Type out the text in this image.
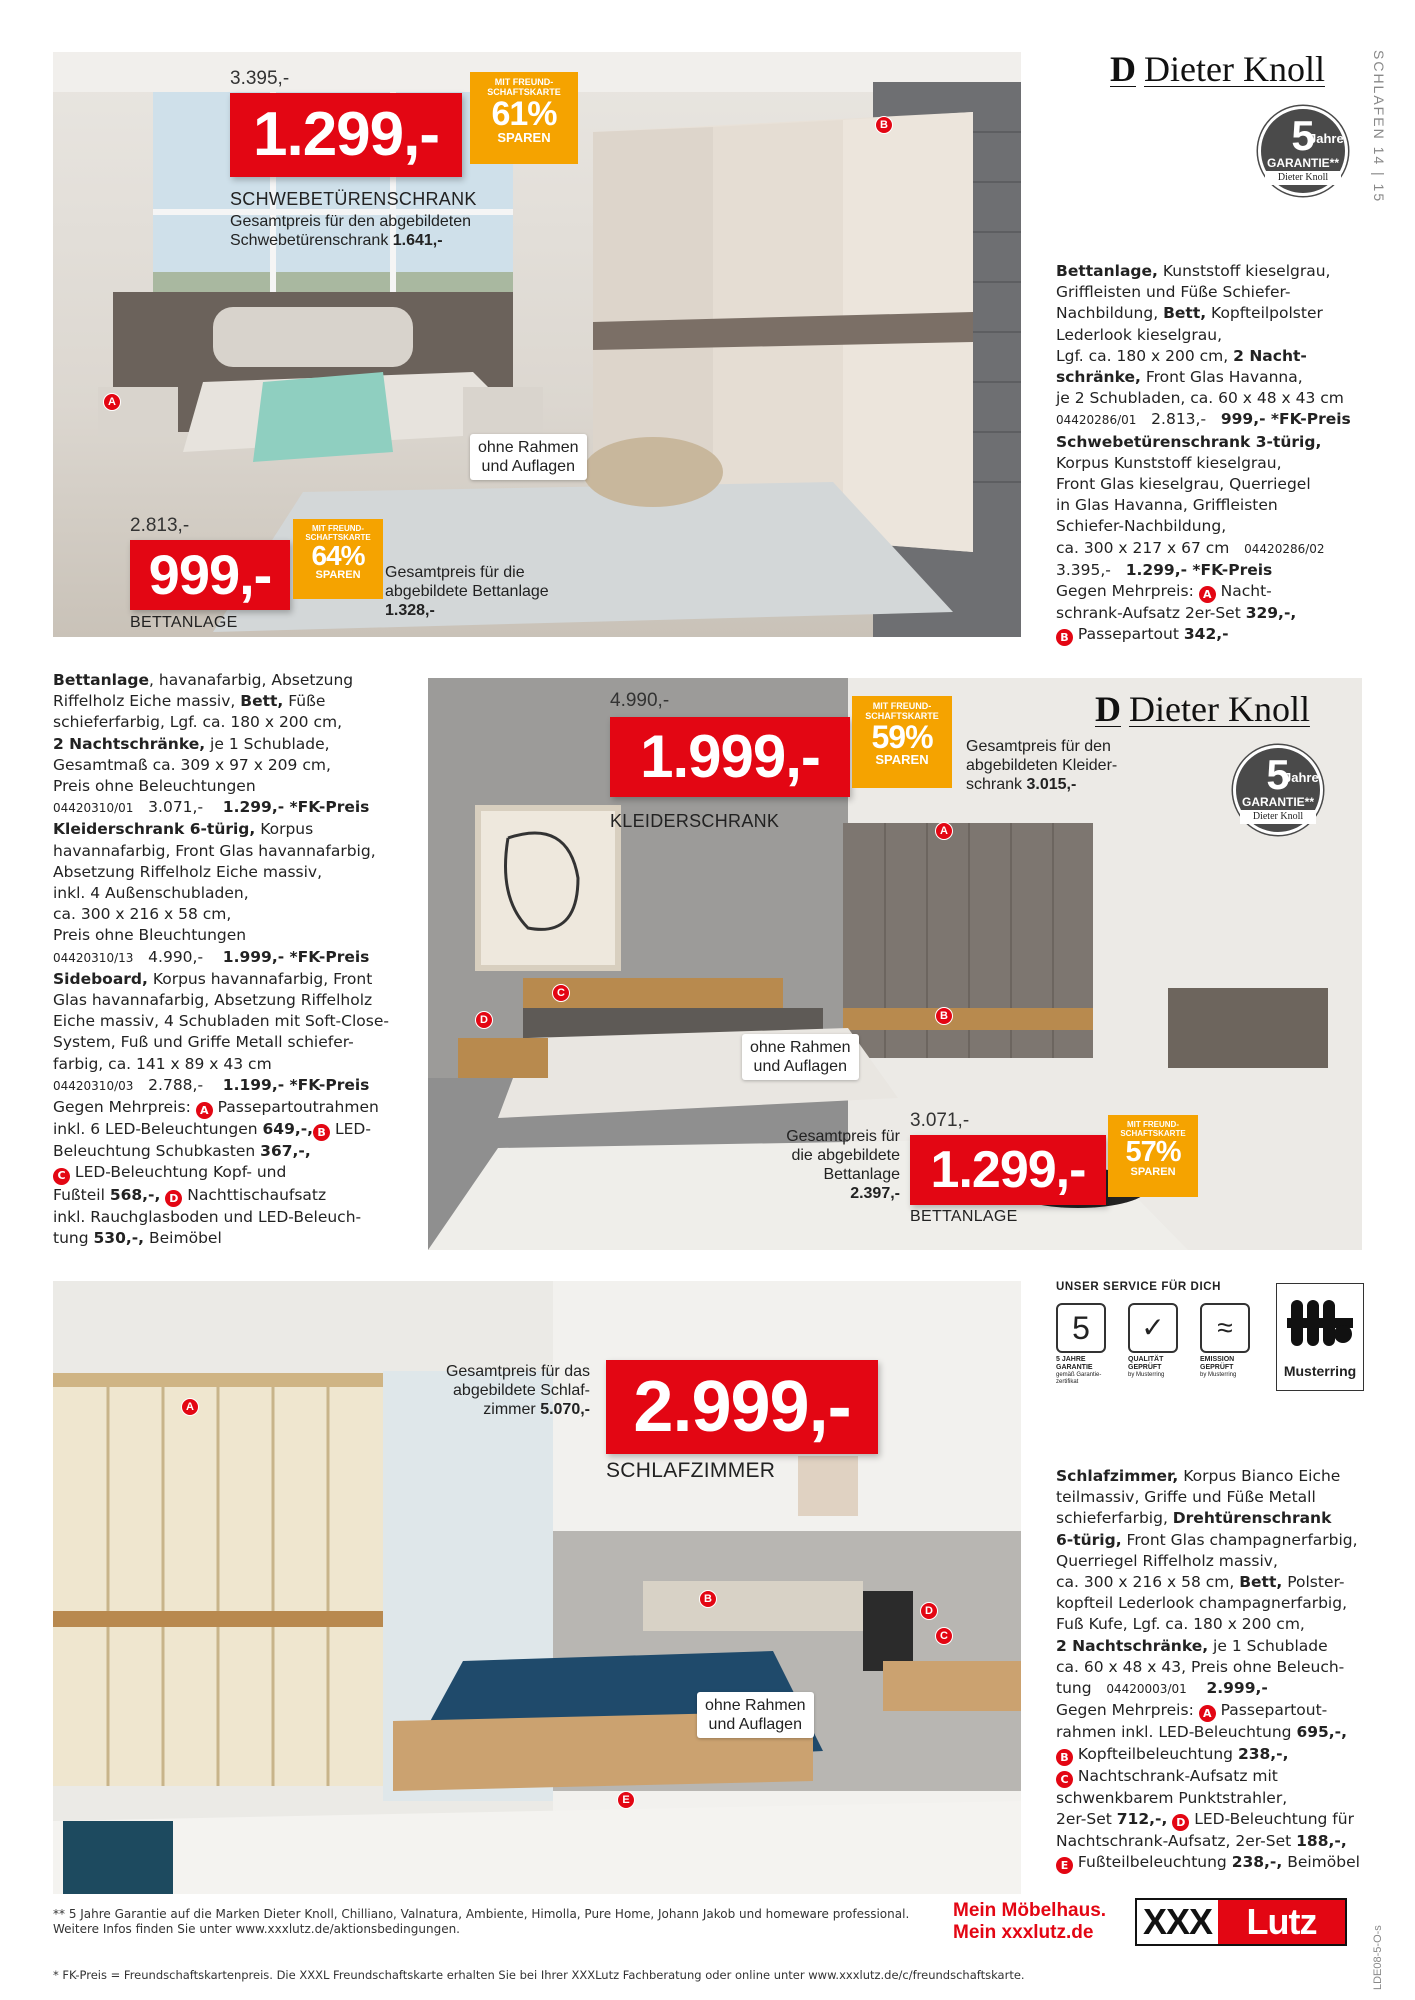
SCHLAFEN 14 | 15
3.395,-
1.299,-
MIT FREUND-
SCHAFTSKARTE
61%
SPAREN
SCHWEBETÜRENSCHRANK
Gesamtpreis für den abgebildeten
Schwebetürenschrank 1.641,-
ohne Rahmen
und Auflagen
A
B
2.813,-
999,-
MIT FREUND-
SCHAFTSKARTE
64%
SPAREN
BETTANLAGE
Gesamtpreis für die
abgebildete Bettanlage
1.328,-
D Dieter Knoll
5
Jahre
GARANTIE**
Dieter Knoll
Bettanlage, Kunststoff kieselgrau,
Griffleisten und Füße Schiefer-
Nachbildung, Bett, Kopfteilpolster
Lederlook kieselgrau,
Lgf. ca. 180 x 200 cm, 2 Nacht-
schränke, Front Glas Havanna,
je 2 Schubladen, ca. 60 x 48 x 43 cm
04420286/01 2.813,- 999,- *FK-Preis
Schwebetürenschrank 3-türig,
Korpus Kunststoff kieselgrau,
Front Glas kieselgrau, Querriegel
in Glas Havanna, Griffleisten
Schiefer-Nachbildung,
ca. 300 x 217 x 67 cm 04420286/02
3.395,- 1.299,- *FK-Preis
Gegen Mehrpreis: A Nacht-
schrank-Aufsatz 2er-Set 329,-,
B Passepartout 342,-
Bettanlage, havanafarbig, Absetzung
Riffelholz Eiche massiv, Bett, Füße
schieferfarbig, Lgf. ca. 180 x 200 cm,
2 Nachtschränke, je 1 Schublade,
Gesamtmaß ca. 309 x 97 x 209 cm,
Preis ohne Beleuchtungen
04420310/01 3.071,- 1.299,- *FK-Preis
Kleiderschrank 6-türig, Korpus
havannafarbig, Front Glas havannafarbig,
Absetzung Riffelholz Eiche massiv,
inkl. 4 Außenschubladen,
ca. 300 x 216 x 58 cm,
Preis ohne Bleuchtungen
04420310/13 4.990,- 1.999,- *FK-Preis
Sideboard, Korpus havannafarbig, Front
Glas havannafarbig, Absetzung Riffelholz
Eiche massiv, 4 Schubladen mit Soft-Close-
System, Fuß und Griffe Metall schiefer-
farbig, ca. 141 x 89 x 43 cm
04420310/03 2.788,- 1.199,- *FK-Preis
Gegen Mehrpreis: A Passepartoutrahmen
inkl. 6 LED-Beleuchtungen 649,-, B LED-
Beleuchtung Schubkasten 367,-,
C LED-Beleuchtung Kopf- und
Fußteil 568,-, D Nachttischaufsatz
inkl. Rauchglasboden und LED-Beleuch-
tung 530,-, Beimöbel
D Dieter Knoll
5
Jahre
GARANTIE**
Dieter Knoll
4.990,-
1.999,-
MIT FREUND-
SCHAFTSKARTE
59%
SPAREN
KLEIDERSCHRANK
Gesamtpreis für den
abgebildeten Kleider-
schrank 3.015,-
ohne Rahmen
und Auflagen
A
B
C
D
Gesamtpreis für
die abgebildete
Bettanlage
2.397,-
3.071,-
1.299,-
MIT FREUND-
SCHAFTSKARTE
57%
SPAREN
BETTANLAGE
Gesamtpreis für das
abgebildete Schlaf-
zimmer 5.070,- 2.999,-
SCHLAFZIMMER
ohne Rahmen
und Auflagen
A
B
C
D
E
UNSER SERVICE FÜR DICH
5
5 JAHRE
GARANTIE
gemäß Garantie-
zertifikat
✓
QUALITÄT
GEPRÜFT
by Musterring
≈
EMISSION
GEPRÜFT
by Musterring	Musterring
Schlafzimmer, Korpus Bianco Eiche
teilmassiv, Griffe und Füße Metall
schieferfarbig, Drehtürenschrank
6-türig, Front Glas champagnerfarbig,
Querriegel Riffelholz massiv,
ca. 300 x 216 x 58 cm, Bett, Polster-
kopfteil Lederlook champagnerfarbig,
Fuß Kufe, Lgf. ca. 180 x 200 cm,
2 Nachtschränke, je 1 Schublade
ca. 60 x 48 x 43, Preis ohne Beleuch-
tung 04420003/01 2.999,-
Gegen Mehrpreis: A Passepartout-
rahmen inkl. LED-Beleuchtung 695,-,
B Kopfteilbeleuchtung 238,-,
C Nachtschrank-Aufsatz mit
schwenkbarem Punktstrahler,
2er-Set 712,-, D LED-Beleuchtung für
Nachtschrank-Aufsatz, 2er-Set 188,-,
E Fußteilbeleuchtung 238,-, Beimöbel
** 5 Jahre Garantie auf die Marken Dieter Knoll, Chilliano, Valnatura, Ambiente, Himolla, Pure Home, Johann Jakob und homeware professional.
Weitere Infos finden Sie unter www.xxxlutz.de/aktionsbedingungen.
Mein Möbelhaus.
Mein xxxlutz.de	XXX Lutz
* FK-Preis = Freundschaftskartenpreis. Die XXXL Freundschaftskarte erhalten Sie bei Ihrer XXXLutz Fachberatung oder online unter www.xxxlutz.de/c/freundschaftskarte.	LDE08-5-O-s
